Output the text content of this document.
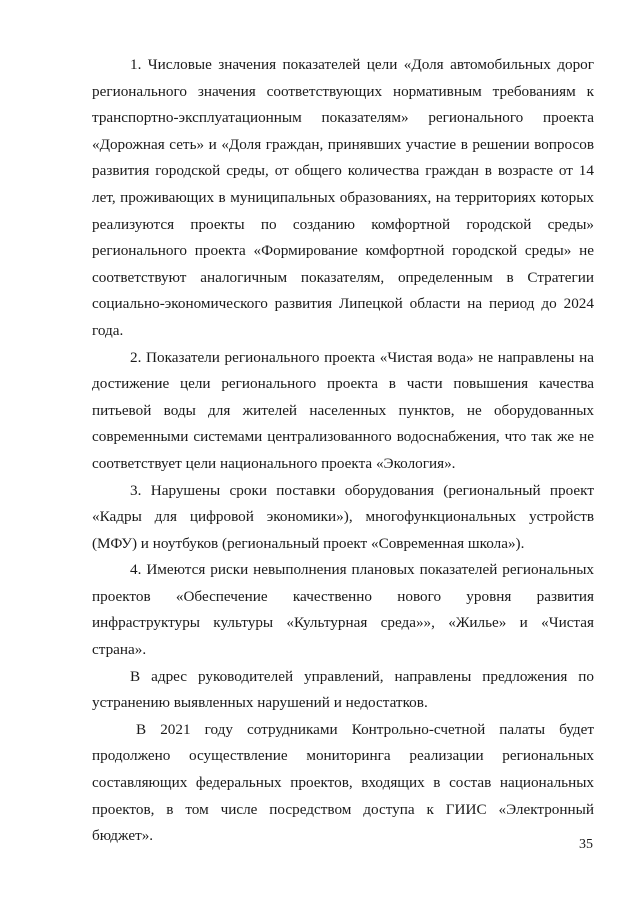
1. Числовые значения показателей цели «Доля автомобильных дорог регионального значения соответствующих нормативным требованиям к транспортно-эксплуатационным показателям» регионального проекта «Дорожная сеть» и «Доля граждан, принявших участие в решении вопросов развития городской среды, от общего количества граждан в возрасте от 14 лет, проживающих в муниципальных образованиях, на территориях которых реализуются проекты по созданию комфортной городской среды» регионального проекта «Формирование комфортной городской среды» не соответствуют аналогичным показателям, определенным в Стратегии социально-экономического развития Липецкой области на период до 2024 года.

2. Показатели регионального проекта «Чистая вода» не направлены на достижение цели регионального проекта в части повышения качества питьевой воды для жителей населенных пунктов, не оборудованных современными системами централизованного водоснабжения, что так же не соответствует цели национального проекта «Экология».

3. Нарушены сроки поставки оборудования (региональный проект «Кадры для цифровой экономики»), многофункциональных устройств (МФУ) и ноутбуков (региональный проект «Современная школа»).

4. Имеются риски невыполнения плановых показателей региональных проектов «Обеспечение качественно нового уровня развития инфраструктуры культуры «Культурная среда»», «Жилье» и «Чистая страна».

В адрес руководителей управлений, направлены предложения по устранению выявленных нарушений и недостатков.

В 2021 году сотрудниками Контрольно-счетной палаты будет продолжено осуществление мониторинга реализации региональных составляющих федеральных проектов, входящих в состав национальных проектов, в том числе посредством доступа к ГИИС «Электронный бюджет».

35
